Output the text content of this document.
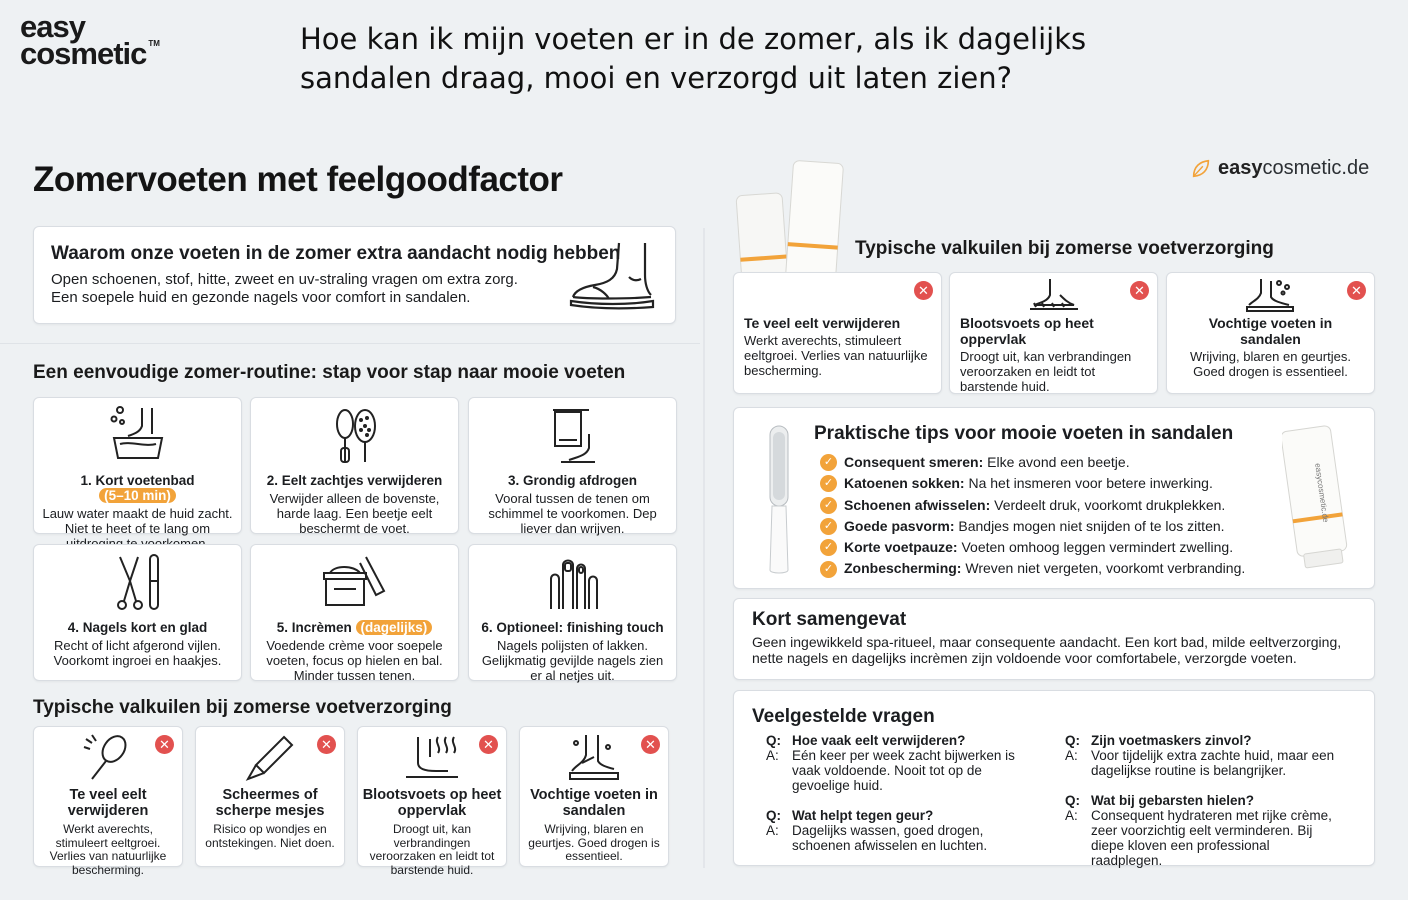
easy
cosmetic ™	Hoe kan ik mijn voeten er in de zomer, als ik dagelijks sandalen draag, mooi en verzorgd uit laten zien?
Zomervoeten met feelgoodfactor	easycosmetic.de
Waarom onze voeten in de zomer extra aandacht nodig hebben

Open schoenen, stof, hitte, zweet en uv-straling vragen om extra zorg.

Een soepele huid en gezonde nagels voor comfort in sandalen.

Een eenvoudige zomer-routine: stap voor stap naar mooie voeten
1. Kort voetenbad (5–10 min)

Lauw water maakt de huid zacht. Niet te heet of te lang om

2. Eelt zachtjes verwijderen

Verwijder alleen de bovenste, harde laag. Een beetje eelt beschermt de voet.

3. Grondig afdrogen

Vooral tussen de tenen om schimmel te voorkomen. Dep liever dan wrijven.

4. Nagels kort en glad

Recht of licht afgerond vijlen. Voorkomt ingroei en haakjes.

5. Incrèmen (dagelijks)

Voedende crème voor soepele voeten, focus op hielen en bal. Minder tussen tenen.

6. Optioneel: finishing touch

Nagels polijsten of lakken. Gelijkmatig gevijlde nagels zien er al netjes uit.

Typische valkuilen bij zomerse voetverzorging
✕
Te veel eelt verwijderen

Werkt averechts, stimuleert eeltgroei. Verlies van natuurlijke bescherming.

✕
Scheermes of scherpe mesjes

Risico op wondjes en ontstekingen. Niet doen.

✕
Blootsvoets op heet oppervlak

Droogt uit, kan verbrandingen veroorzaken en leidt tot barstende huid.

✕
Vochtige voeten in sandalen

Wrijving, blaren en geurtjes. Goed drogen is essentieel.

Typische valkuilen bij zomerse voetverzorging
✕
Te veel eelt verwijderen

Werkt averechts, stimuleert eeltgroei. Verlies van natuurlijke bescherming.

✕
Blootsvoets op heet oppervlak

Droogt uit, kan verbrandingen veroorzaken en leidt tot barstende huid.

✕
Vochtige voeten in sandalen

Wrijving, blaren en geurtjes. Goed drogen is essentieel.

Praktische tips voor mooie voeten in sandalen
✓ Consequent smeren: Elke avond een beetje.
✓ Katoenen sokken: Na het insmeren voor betere inwerking.
✓ Schoenen afwisselen: Verdeelt druk, voorkomt drukplekken.
✓ Goede pasvorm: Bandjes mogen niet snijden of te los zitten.
✓ Korte voetpauze: Voeten omhoog leggen vermindert zwelling.
✓ Zonbescherming: Wreven niet vergeten, voorkomt verbranding.
easycosmetic.de
Kort samengevat

Geen ingewikkeld spa-ritueel, maar consequente aandacht. Een kort bad, milde eeltverzorging, nette nagels en dagelijks incrèmen zijn voldoende voor comfortabele, verzorgde voeten.

Veelgestelde vragen
Q: Hoe vaak eelt verwijderen?
A: Eén keer per week zacht bijwerken is vaak voldoende. Nooit tot op de gevoelige huid.
Q: Zijn voetmaskers zinvol?
A: Voor tijdelijk extra zachte huid, maar een dagelijkse routine is belangrijker.
Q: Wat helpt tegen geur?
A: Dagelijks wassen, goed drogen, schoenen afwisselen en luchten.
Q: Wat bij gebarsten hielen?
A: Consequent hydrateren met rijke crème, zeer voorzichtig eelt verminderen. Bij diepe kloven een professional raadplegen.
